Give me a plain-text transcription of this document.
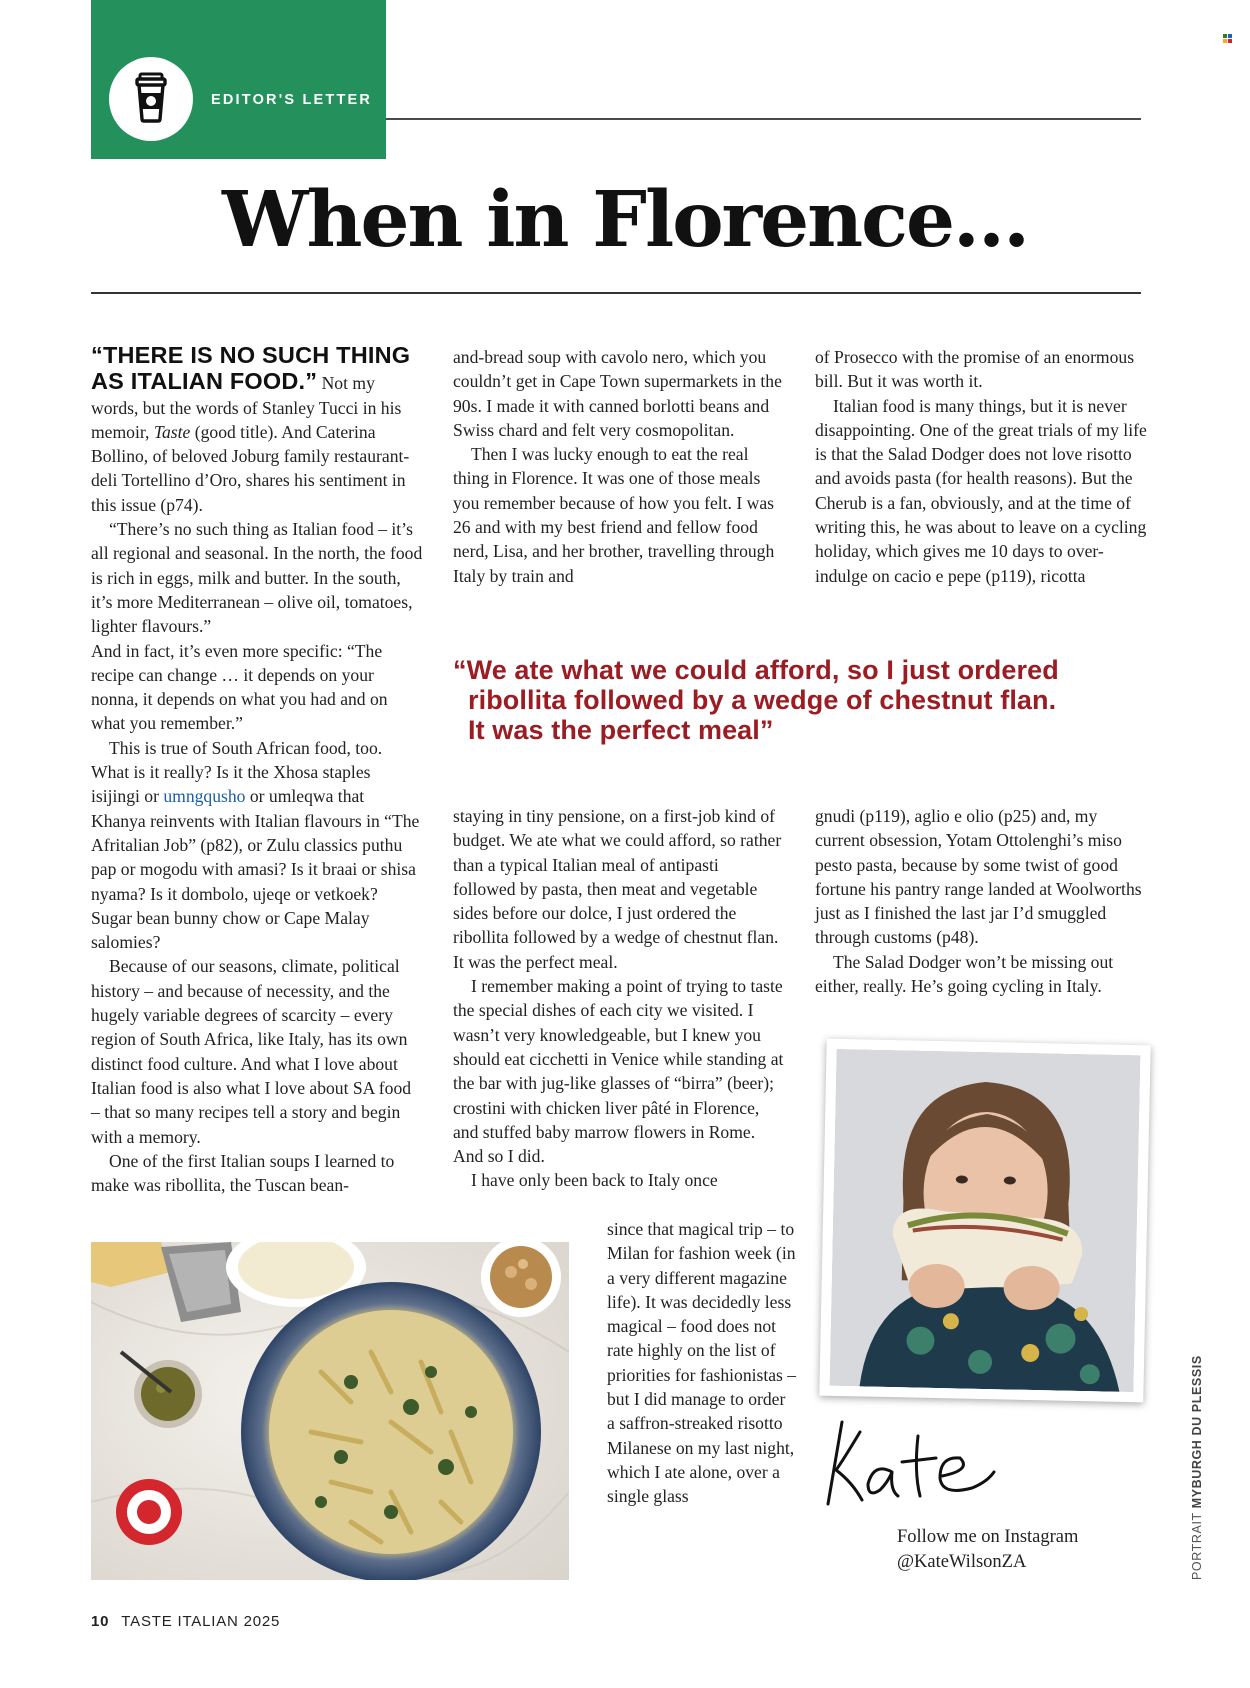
EDITOR'S LETTER
When in Florence…

“THERE IS NO SUCH THING AS ITALIAN FOOD.” Not my words, but the words of Stanley Tucci in his memoir, Taste (good title). And Caterina Bollino, of beloved Joburg family restaurant-deli Tortellino d’Oro, shares his sentiment in this issue (p74).

“There’s no such thing as Italian food – it’s all regional and seasonal. In the north, the food is rich in eggs, milk and butter. In the south, it’s more Mediterranean – olive oil, tomatoes, lighter flavours.”

And in fact, it’s even more specific: “The recipe can change … it depends on your nonna, it depends on what you had and on what you remember.”

This is true of South African food, too. What is it really? Is it the Xhosa staples isijingi or umngqusho or umleqwa that Khanya reinvents with Italian flavours in “The Afritalian Job” (p82), or Zulu classics puthu pap or mogodu with amasi? Is it braai or shisa nyama? Is it dombolo, ujeqe or vetkoek? Sugar bean bunny chow or Cape Malay salomies?

Because of our seasons, climate, political history – and because of necessity, and the hugely variable degrees of scarcity – every region of South Africa, like Italy, has its own distinct food culture. And what I love about Italian food is also what I love about SA food – that so many recipes tell a story and begin with a memory.

One of the first Italian soups I learned to make was ribollita, the Tuscan bean-

and-bread soup with cavolo nero, which you couldn’t get in Cape Town supermarkets in the 90s. I made it with canned borlotti beans and Swiss chard and felt very cosmopolitan.

Then I was lucky enough to eat the real thing in Florence. It was one of those meals you remember because of how you felt. I was 26 and with my best friend and fellow food nerd, Lisa, and her brother, travelling through Italy by train and

of Prosecco with the promise of an enormous bill. But it was worth it.

Italian food is many things, but it is never disappointing. One of the great trials of my life is that the Salad Dodger does not love risotto and avoids pasta (for health reasons). But the Cherub is a fan, obviously, and at the time of writing this, he was about to leave on a cycling holiday, which gives me 10 days to over-indulge on cacio e pepe (p119), ricotta

“We ate what we could afford, so I just ordered
ribollita followed by a wedge of chestnut flan.
It was the perfect meal”

staying in tiny pensione, on a first-job kind of budget. We ate what we could afford, so rather than a typical Italian meal of antipasti followed by pasta, then meat and vegetable sides before our dolce, I just ordered the ribollita followed by a wedge of chestnut flan. It was the perfect meal.

I remember making a point of trying to taste the special dishes of each city we visited. I wasn’t very knowledgeable, but I knew you should eat cicchetti in Venice while standing at the bar with jug-like glasses of “birra” (beer); crostini with chicken liver pâté in Florence, and stuffed baby marrow flowers in Rome. And so I did.

I have only been back to Italy once

since that magical trip – to Milan for fashion week (in a very different magazine life). It was decidedly less magical – food does not rate highly on the list of priorities for fashionistas – but I did manage to order a saffron-streaked risotto Milanese on my last night, which I ate alone, over a single glass

gnudi (p119), aglio e olio (p25) and, my current obsession, Yotam Ottolenghi’s miso pesto pasta, because by some twist of good fortune his pantry range landed at Woolworths just as I finished the last jar I’d smuggled through customs (p48).

The Salad Dodger won’t be missing out either, really. He’s going cycling in Italy.

Follow me on Instagram
@KateWilsonZA
10 TASTE ITALIAN 2025
PORTRAIT MYBURGH DU PLESSIS
